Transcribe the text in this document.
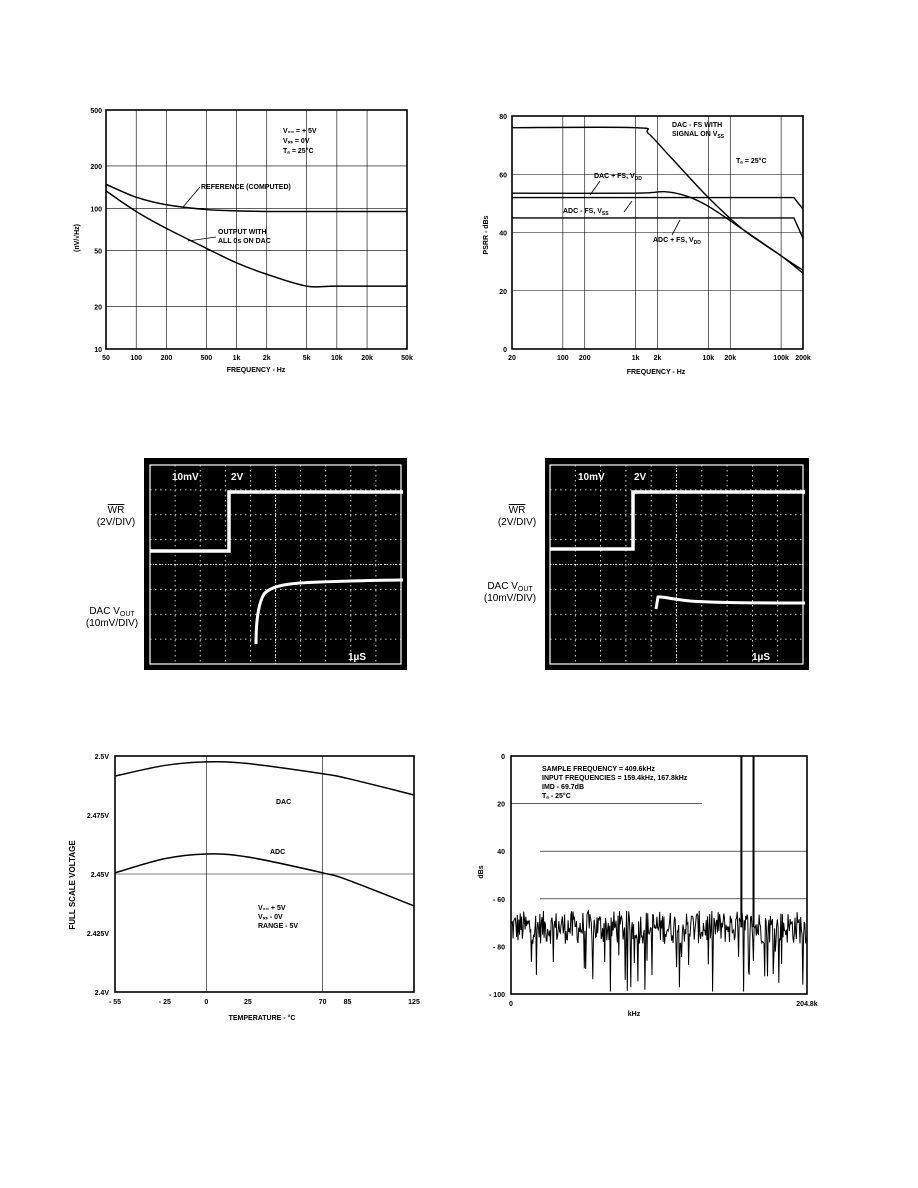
50	100	200	500	1k	2k	5k	10k	20k	50k
500
200
100
50
20
10
FREQUENCY - Hz
(nV/√Hz)
V₀₀ = + 5V
Vₛₛ = 0V
Tₐ = 25°C
REFERENCE (COMPUTED)
OUTPUT WITH
ALL 0s ON DAC
20	100 200	1k 2k	10k 20k	100k 200k
80
60
40
20
0
FREQUENCY - Hz
PSRR - dBs
DAC - FS WITH
SIGNAL ON $V_{SS}$
Tₐ = 25°C
DAC + FS, $V_{DD}$
ADC - FS, $V_{SS}$
ADC + FS, $V_{DD}$
10mV	2V
1µS
WR
(2V/DIV)
DAC $V_{OUT}$
(10mV/DIV)
10mV	2V
1µS
WR
(2V/DIV)
DAC $V_{OUT}$
(10mV/DIV)
- 55	- 25	0	25	70 85	125
2.5V
2.475V
2.45V
2.425V
2.4V
TEMPERATURE - °C
FULL SCALE VOLTAGE
DAC
ADC
V₀₀ + 5V
Vₛₛ - 0V
RANGE - 5V
0	204.8k
0
20
40
- 60
- 80
- 100
kHz
dBs
SAMPLE FREQUENCY = 409.6kHz
INPUT FREQUENCIES = 159.4kHz, 167.8kHz
IMD - 69.7dB
Tₐ - 25°C
